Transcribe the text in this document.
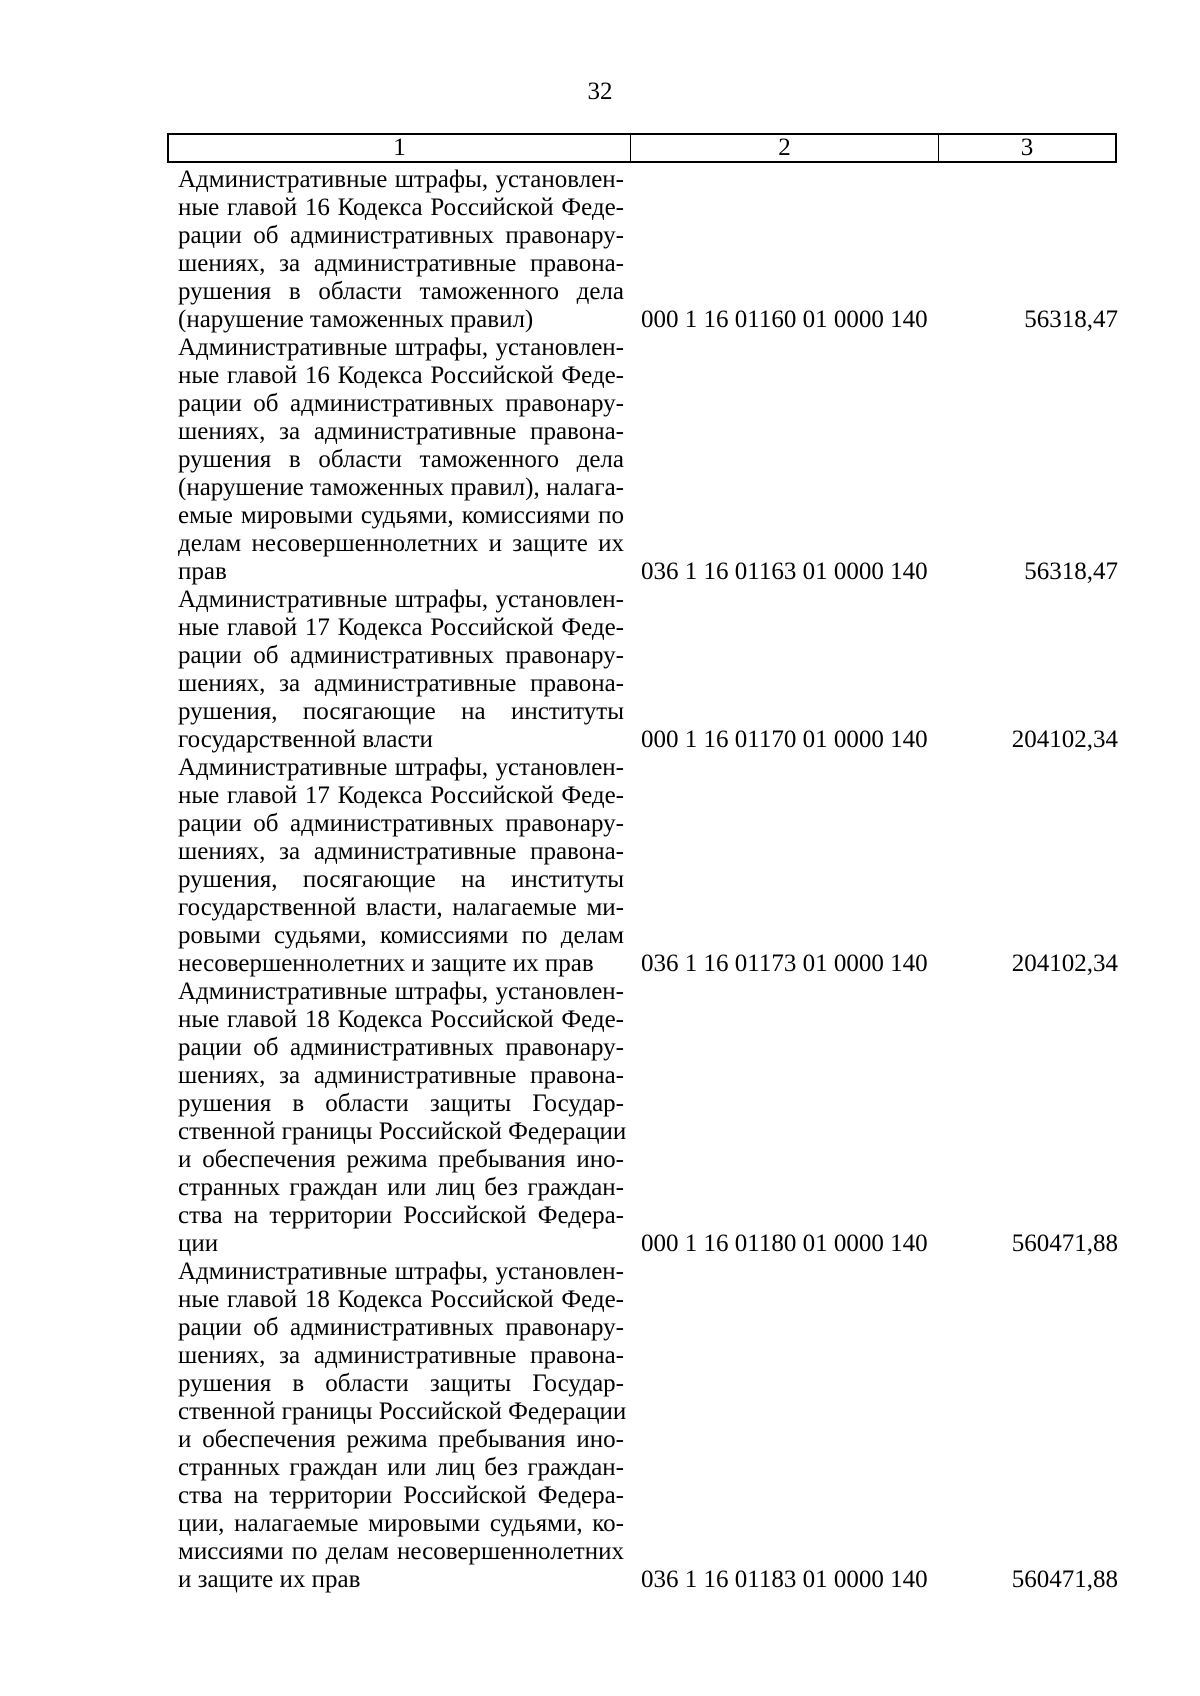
32
1	2	3
Административные штрафы, установлен-
ные главой 16 Кодекса Российской Феде-
рации об административных правонару-
шениях, за административные правона-
рушения в области таможенного дела
(нарушение таможенных правил)	000 1 16 01160 01 0000 140	56318,47
Административные штрафы, установлен-
ные главой 16 Кодекса Российской Феде-
рации об административных правонару-
шениях, за административные правона-
рушения в области таможенного дела
(нарушение таможенных правил), налага-
емые мировыми судьями, комиссиями по
делам несовершеннолетних и защите их
прав	036 1 16 01163 01 0000 140	56318,47
Административные штрафы, установлен-
ные главой 17 Кодекса Российской Феде-
рации об административных правонару-
шениях, за административные правона-
рушения, посягающие на институты
государственной власти	000 1 16 01170 01 0000 140	204102,34
Административные штрафы, установлен-
ные главой 17 Кодекса Российской Феде-
рации об административных правонару-
шениях, за административные правона-
рушения, посягающие на институты
государственной власти, налагаемые ми-
ровыми судьями, комиссиями по делам
несовершеннолетних и защите их прав	036 1 16 01173 01 0000 140	204102,34
Административные штрафы, установлен-
ные главой 18 Кодекса Российской Феде-
рации об административных правонару-
шениях, за административные правона-
рушения в области защиты Государ-
ственной границы Российской Федерации
и обеспечения режима пребывания ино-
странных граждан или лиц без граждан-
ства на территории Российской Федера-
ции	000 1 16 01180 01 0000 140	560471,88
Административные штрафы, установлен-
ные главой 18 Кодекса Российской Феде-
рации об административных правонару-
шениях, за административные правона-
рушения в области защиты Государ-
ственной границы Российской Федерации
и обеспечения режима пребывания ино-
странных граждан или лиц без граждан-
ства на территории Российской Федера-
ции, налагаемые мировыми судьями, ко-
миссиями по делам несовершеннолетних
и защите их прав	036 1 16 01183 01 0000 140	560471,88
